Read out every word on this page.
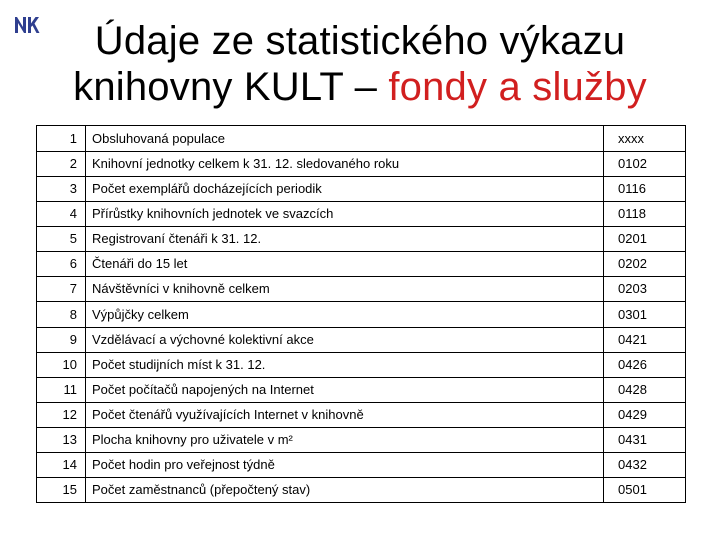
Údaje ze statistického výkazu
knihovny KULT – fondy a služby
1	Obsluhovaná populace	xxxx
2	Knihovní jednotky celkem k 31. 12. sledovaného roku	0102
3	Počet exemplářů docházejících periodik	0116
4	Přírůstky knihovních jednotek ve svazcích	0118
5	Registrovaní čtenáři k 31. 12.	0201
6	Čtenáři do 15 let	0202
7	Návštěvníci v knihovně celkem	0203
8	Výpůjčky celkem	0301
9	Vzdělávací a výchovné kolektivní akce	0421
10	Počet studijních míst k 31. 12.	0426
11	Počet počítačů napojených na Internet	0428
12	Počet čtenářů využívajících Internet v knihovně	0429
13	Plocha knihovny pro uživatele v m²	0431
14	Počet hodin pro veřejnost týdně	0432
15	Počet zaměstnanců (přepočtený stav)	0501
